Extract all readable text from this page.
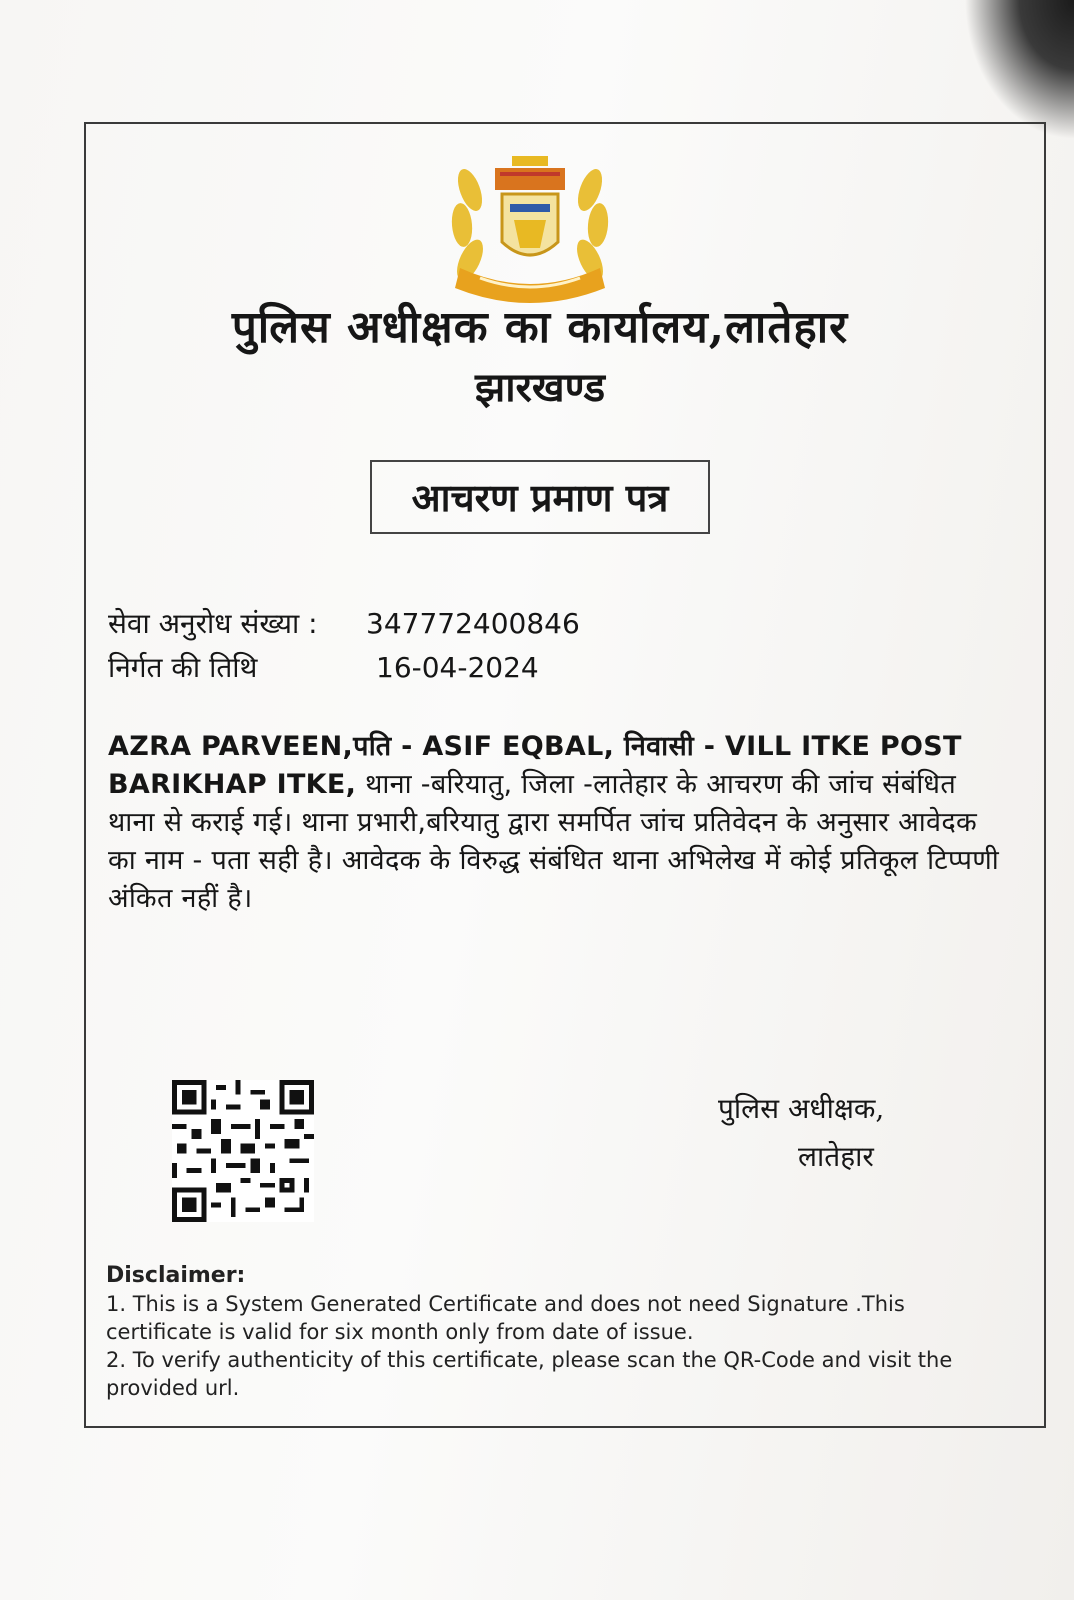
पुलिस अधीक्षक का कार्यालय,लातेहार
झारखण्ड
आचरण प्रमाण पत्र
सेवा अनुरोध संख्या : 347772400846
निर्गत की तिथि	16-04-2024
AZRA PARVEEN,पति - ASIF EQBAL, निवासी - VILL ITKE POST BARIKHAP ITKE, थाना -बरियातु, जिला -लातेहार के आचरण की जांच संबंधित थाना से कराई गई। थाना प्रभारी,बरियातु द्वारा समर्पित जांच प्रतिवेदन के अनुसार आवेदक का नाम - पता सही है। आवेदक के विरुद्ध संबंधित थाना अभिलेख में कोई प्रतिकूल टिप्पणी अंकित नहीं है।
पुलिस अधीक्षक,
लातेहार
Disclaimer:
1. This is a System Generated Certificate and does not need Signature .This certificate is valid for six month only from date of issue.
2. To verify authenticity of this certificate, please scan the QR-Code and visit the provided url.
